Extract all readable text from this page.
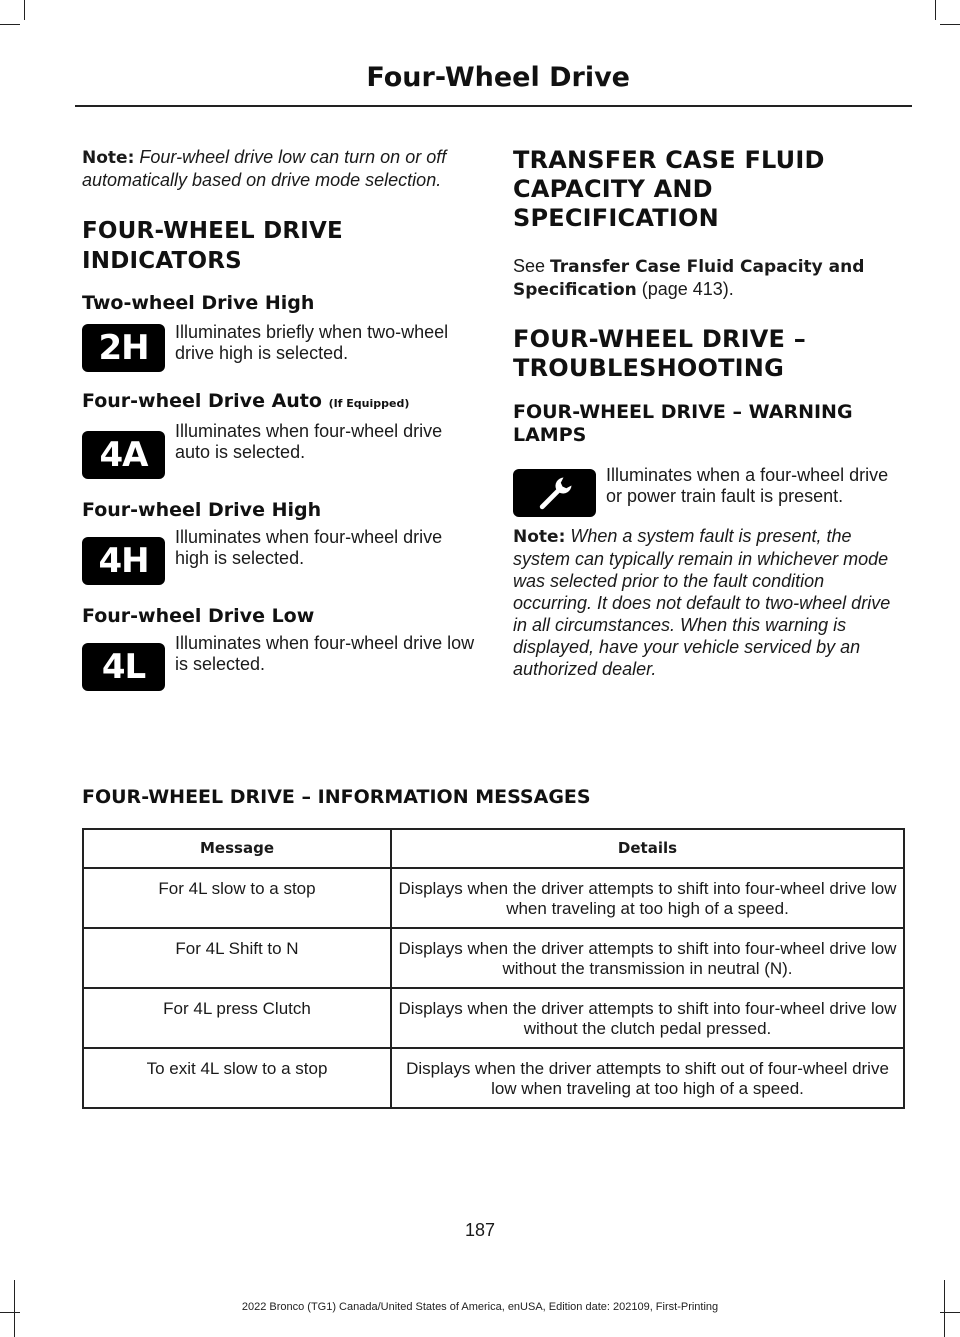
Four-Wheel Drive

Note: Four-wheel drive low can turn on or off automatically based on drive mode selection.

FOUR-WHEEL DRIVE
INDICATORS
Two-wheel Drive High
2H	Illuminates briefly when two-wheel drive high is selected.
Four-wheel Drive Auto (If Equipped)
4A
Illuminates when four-wheel drive auto is selected.
Four-wheel Drive High
4H
Illuminates when four-wheel drive high is selected.
Four-wheel Drive Low
4L
Illuminates when four-wheel drive low is selected.
TRANSFER CASE FLUID
CAPACITY AND
SPECIFICATION

See Transfer Case Fluid Capacity and Specification (page 413).

FOUR-WHEEL DRIVE –
TROUBLESHOOTING
FOUR-WHEEL DRIVE – WARNING LAMPS
Illuminates when a four-wheel drive or power train fault is present.

Note: When a system fault is present, the system can typically remain in whichever mode was selected prior to the fault condition occurring. It does not default to two-wheel drive in all circumstances. When this warning is displayed, have your vehicle serviced by an authorized dealer.

FOUR-WHEEL DRIVE – INFORMATION MESSAGES
Message	Details
For 4L slow to a stop	Displays when the driver attempts to shift into four-wheel drive low when traveling at too high of a speed.
For 4L Shift to N	Displays when the driver attempts to shift into four-wheel drive low without the transmission in neutral (N).
For 4L press Clutch	Displays when the driver attempts to shift into four-wheel drive low without the clutch pedal pressed.
To exit 4L slow to a stop	Displays when the driver attempts to shift out of four-wheel drive low when traveling at too high of a speed.
187
2022 Bronco (TG1) Canada/United States of America, enUSA, Edition date: 202109, First-Printing
